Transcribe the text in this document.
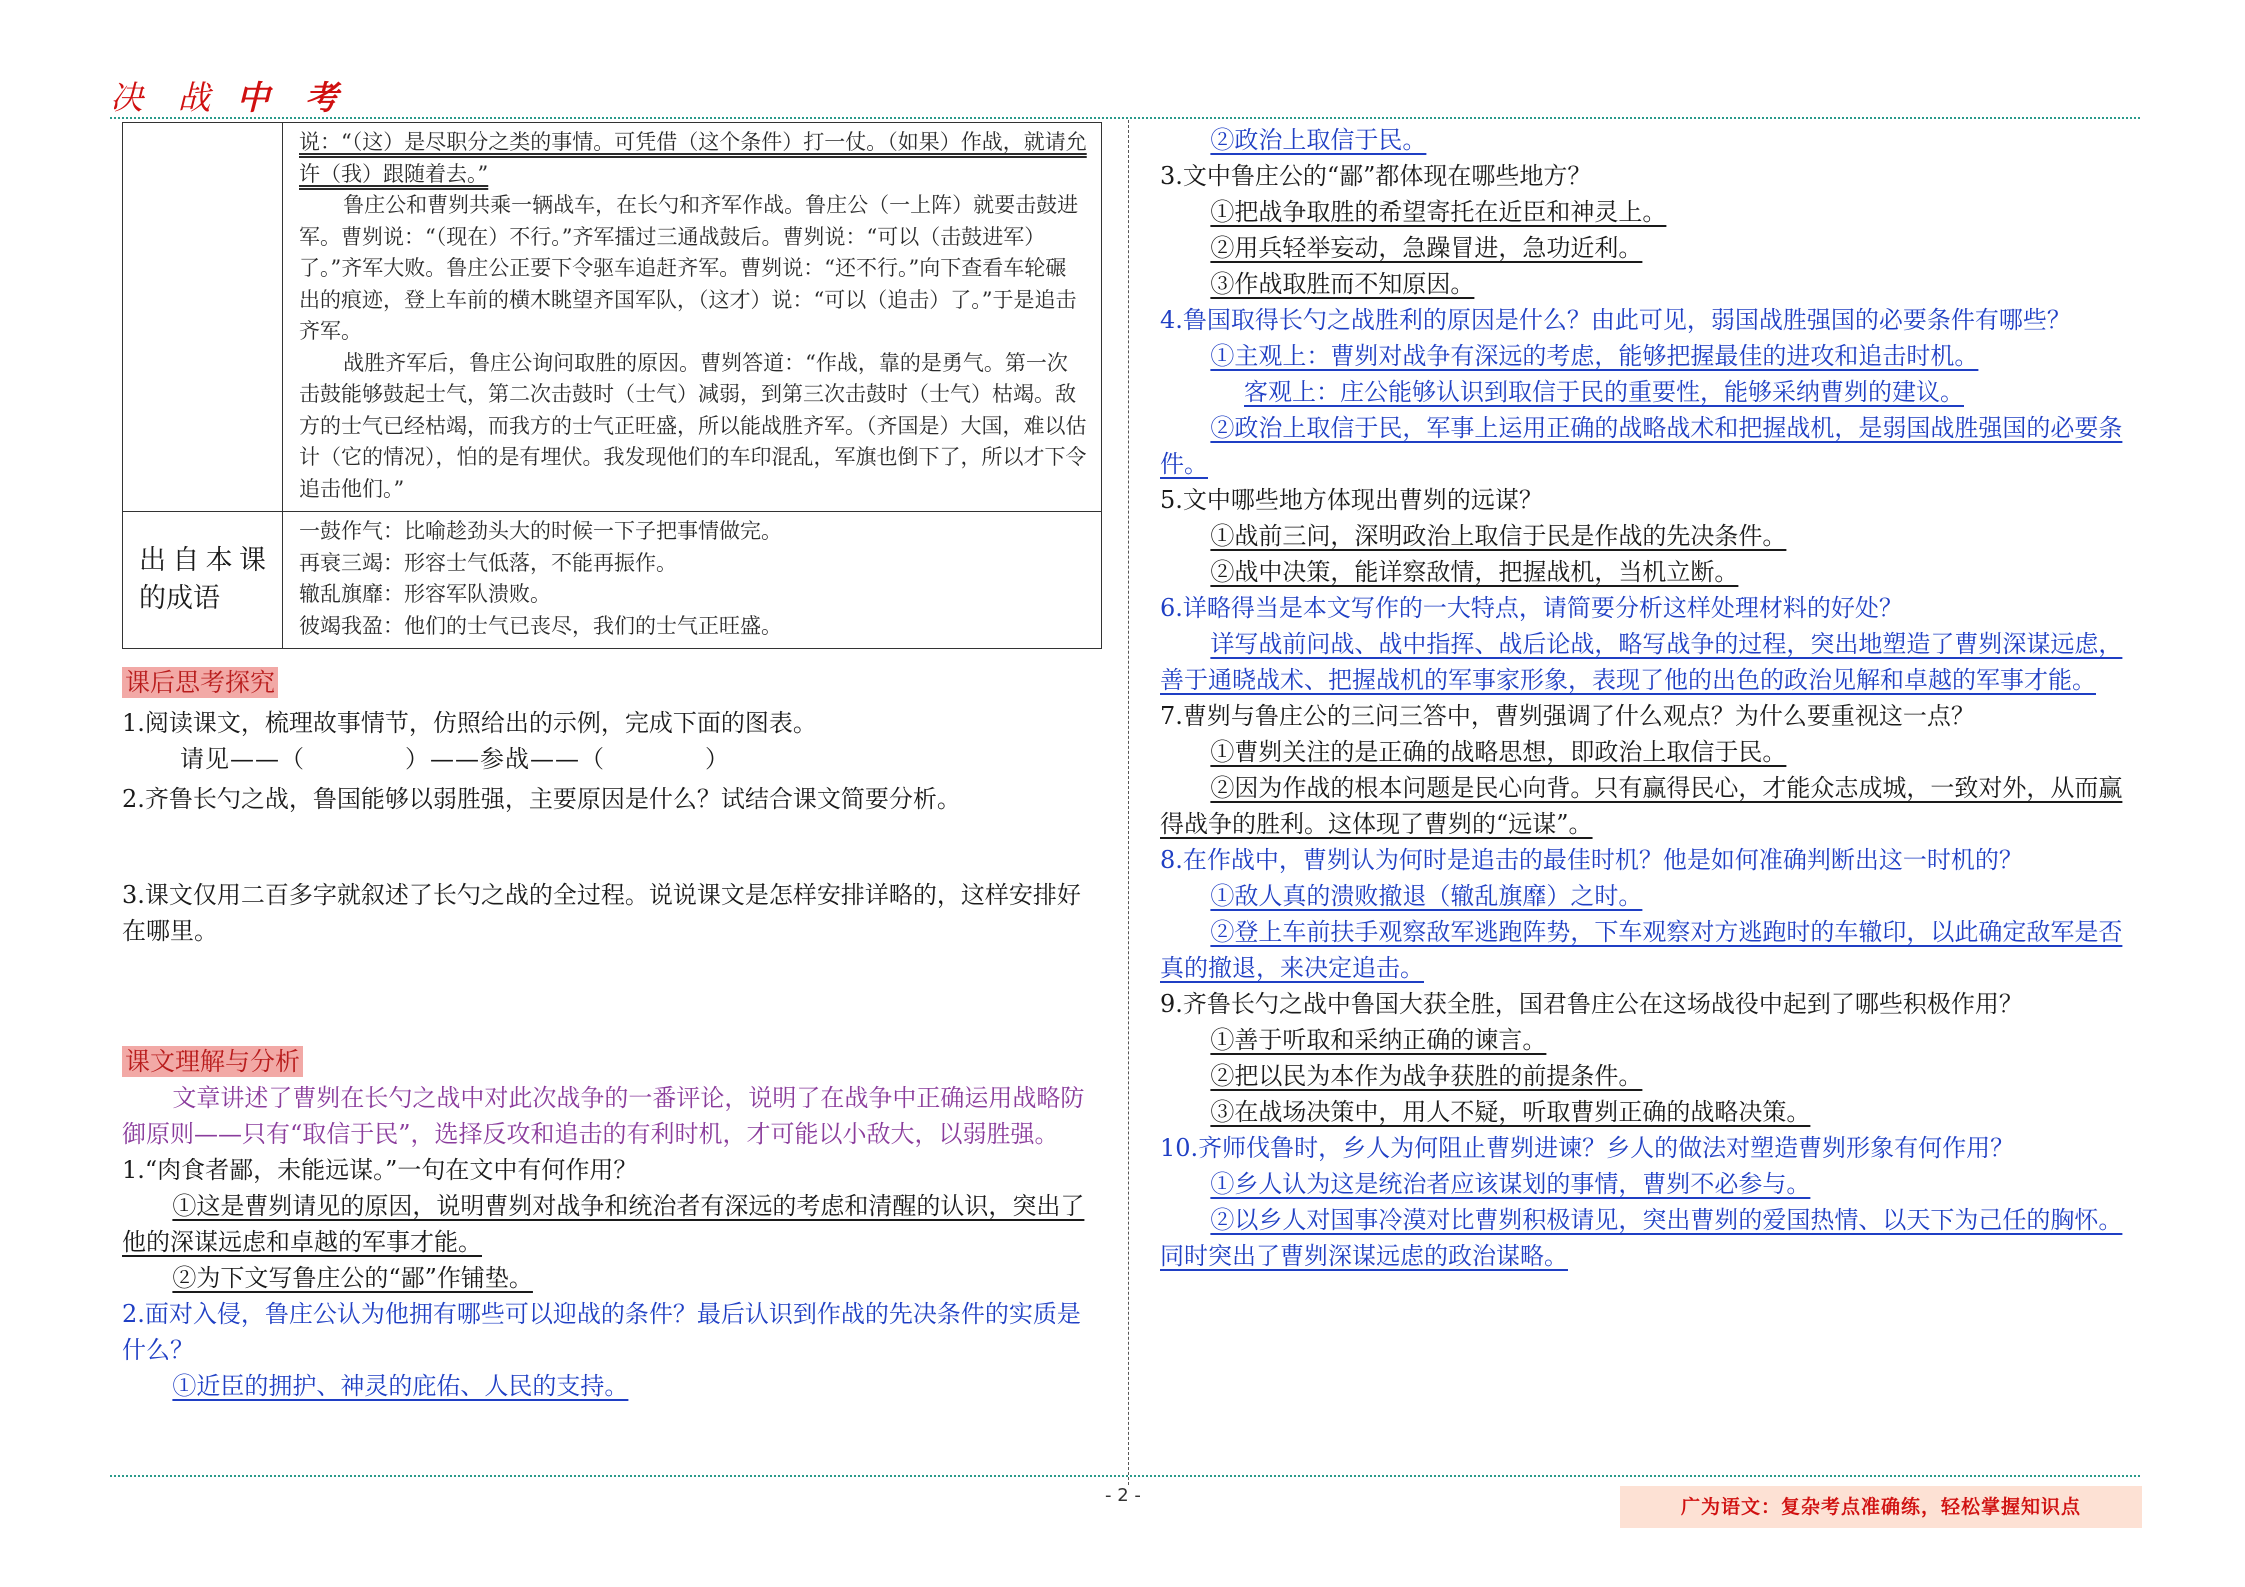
决 战 中 考

说：“（这）是尽职分之类的事情。可凭借（这个条件）打一仗。（如果）作战，就请允许（我）跟随着去。”

鲁庄公和曹刿共乘一辆战车，在长勺和齐军作战。鲁庄公（一上阵）就要击鼓进军。曹刿说：“（现在）不行。”齐军擂过三通战鼓后。曹刿说：“可以（击鼓进军）了。”齐军大败。鲁庄公正要下令驱车追赶齐军。曹刿说：“还不行。”向下查看车轮碾出的痕迹，登上车前的横木眺望齐国军队，（这才）说：“可以（追击）了。”于是追击齐军。

战胜齐军后，鲁庄公询问取胜的原因。曹刿答道：“作战，靠的是勇气。第一次击鼓能够鼓起士气，第二次击鼓时（士气）减弱，到第三次击鼓时（士气）枯竭。敌方的士气已经枯竭，而我方的士气正旺盛，所以能战胜齐军。（齐国是）大国，难以估计（它的情况），怕的是有埋伏。我发现他们的车印混乱，军旗也倒下了，所以才下令追击他们。”

出自本课的成语

一鼓作气：比喻趁劲头大的时候一下子把事情做完。

再衰三竭：形容士气低落，不能再振作。

辙乱旗靡：形容军队溃败。

彼竭我盈：他们的士气已丧尽，我们的士气正旺盛。

课后思考探究

1.阅读课文，梳理故事情节，仿照给出的示例，完成下面的图表。

请见——（　　　　）——参战——（　　　　）

2.齐鲁长勺之战，鲁国能够以弱胜强，主要原因是什么？试结合课文简要分析。

3.课文仅用二百多字就叙述了长勺之战的全过程。说说课文是怎样安排详略的，这样安排好在哪里。

课文理解与分析

文章讲述了曹刿在长勺之战中对此次战争的一番评论，说明了在战争中正确运用战略防御原则——只有“取信于民”，选择反攻和追击的有利时机，才可能以小敌大，以弱胜强。

1.“肉食者鄙，未能远谋。”一句在文中有何作用？

①这是曹刿请见的原因，说明曹刿对战争和统治者有深远的考虑和清醒的认识，突出了他的深谋远虑和卓越的军事才能。

②为下文写鲁庄公的“鄙”作铺垫。

2.面对入侵，鲁庄公认为他拥有哪些可以迎战的条件？最后认识到作战的先决条件的实质是什么？

①近臣的拥护、神灵的庇佑、人民的支持。

②政治上取信于民。

3.文中鲁庄公的“鄙”都体现在哪些地方？

①把战争取胜的希望寄托在近臣和神灵上。

②用兵轻举妄动，急躁冒进，急功近利。

③作战取胜而不知原因。

4.鲁国取得长勺之战胜利的原因是什么？由此可见，弱国战胜强国的必要条件有哪些？

①主观上：曹刿对战争有深远的考虑，能够把握最佳的进攻和追击时机。

客观上：庄公能够认识到取信于民的重要性，能够采纳曹刿的建议。

②政治上取信于民，军事上运用正确的战略战术和把握战机，是弱国战胜强国的必要条件。

5.文中哪些地方体现出曹刿的远谋？

①战前三问，深明政治上取信于民是作战的先决条件。

②战中决策，能详察敌情，把握战机，当机立断。

6.详略得当是本文写作的一大特点，请简要分析这样处理材料的好处？

详写战前问战、战中指挥、战后论战，略写战争的过程，突出地塑造了曹刿深谋远虑，善于通晓战术、把握战机的军事家形象，表现了他的出色的政治见解和卓越的军事才能。

7.曹刿与鲁庄公的三问三答中，曹刿强调了什么观点？为什么要重视这一点？

①曹刿关注的是正确的战略思想，即政治上取信于民。

②因为作战的根本问题是民心向背。只有赢得民心，才能众志成城，一致对外，从而赢得战争的胜利。这体现了曹刿的“远谋”。

8.在作战中，曹刿认为何时是追击的最佳时机？他是如何准确判断出这一时机的？

①敌人真的溃败撤退（辙乱旗靡）之时。

②登上车前扶手观察敌军逃跑阵势，下车观察对方逃跑时的车辙印，以此确定敌军是否真的撤退，来决定追击。

9.齐鲁长勺之战中鲁国大获全胜，国君鲁庄公在这场战役中起到了哪些积极作用？

①善于听取和采纳正确的谏言。

②把以民为本作为战争获胜的前提条件。

③在战场决策中，用人不疑，听取曹刿正确的战略决策。

10.齐师伐鲁时，乡人为何阻止曹刿进谏？乡人的做法对塑造曹刿形象有何作用？

①乡人认为这是统治者应该谋划的事情，曹刿不必参与。

②以乡人对国事冷漠对比曹刿积极请见，突出曹刿的爱国热情、以天下为己任的胸怀。同时突出了曹刿深谋远虑的政治谋略。

- 2 -
广为语文：复杂考点准确练，轻松掌握知识点
